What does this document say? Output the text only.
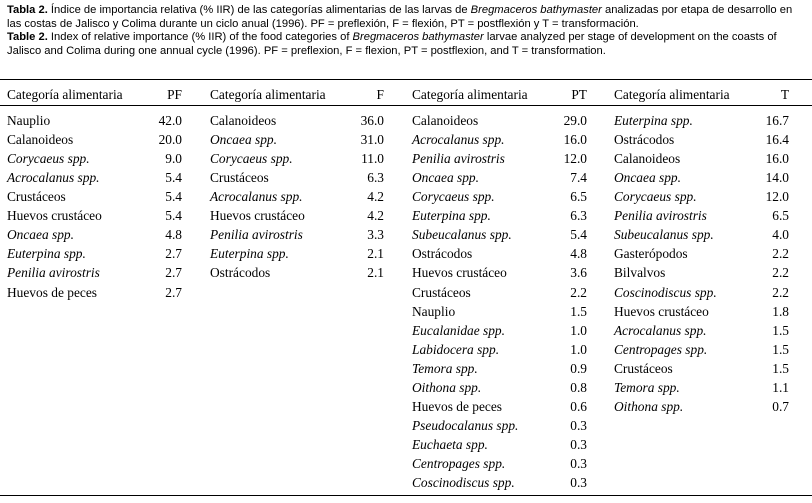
Tabla 2. Índice de importancia relativa (% IIR) de las categorías alimentarias de las larvas de Bregmaceros bathymaster analizadas por etapa de desarrollo en las costas de Jalisco y Colima durante un ciclo anual (1996). PF = preflexión, F = flexión, PT = postflexión y T = transformación.

Table 2. Index of relative importance (% IIR) of the food categories of Bregmaceros bathymaster larvae analyzed per stage of development on the coasts of Jalisco and Colima during one annual cycle (1996). PF = preflexion, F = flexion, PT = postflexion, and T = transformation.

Categoría alimentaria	PF
Nauplio	42.0
Calanoideos	20.0
Corycaeus spp.	9.0
Acrocalanus spp.	5.4
Crustáceos	5.4
Huevos crustáceo	5.4
Oncaea spp.	4.8
Euterpina spp.	2.7
Penilia avirostris	2.7
Huevos de peces	2.7
Categoría alimentaria	F
Calanoideos	36.0
Oncaea spp.	31.0
Corycaeus spp.	11.0
Crustáceos	6.3
Acrocalanus spp.	4.2
Huevos crustáceo	4.2
Penilia avirostris	3.3
Euterpina spp.	2.1
Ostrácodos	2.1
Categoría alimentaria	PT
Calanoideos	29.0
Acrocalanus spp.	16.0
Penilia avirostris	12.0
Oncaea spp.	7.4
Corycaeus spp.	6.5
Euterpina spp.	6.3
Subeucalanus spp.	5.4
Ostrácodos	4.8
Huevos crustáceo	3.6
Crustáceos	2.2
Nauplio	1.5
Eucalanidae spp.	1.0
Labidocera spp.	1.0
Temora spp.	0.9
Oithona spp.	0.8
Huevos de peces	0.6
Pseudocalanus spp.	0.3
Euchaeta spp.	0.3
Centropages spp.	0.3
Coscinodiscus spp.	0.3
Categoría alimentaria	T
Euterpina spp.	16.7
Ostrácodos	16.4
Calanoideos	16.0
Oncaea spp.	14.0
Corycaeus spp.	12.0
Penilia avirostris	6.5
Subeucalanus spp.	4.0
Gasterópodos	2.2
Bilvalvos	2.2
Coscinodiscus spp.	2.2
Huevos crustáceo	1.8
Acrocalanus spp.	1.5
Centropages spp.	1.5
Crustáceos	1.5
Temora spp.	1.1
Oithona spp.	0.7
